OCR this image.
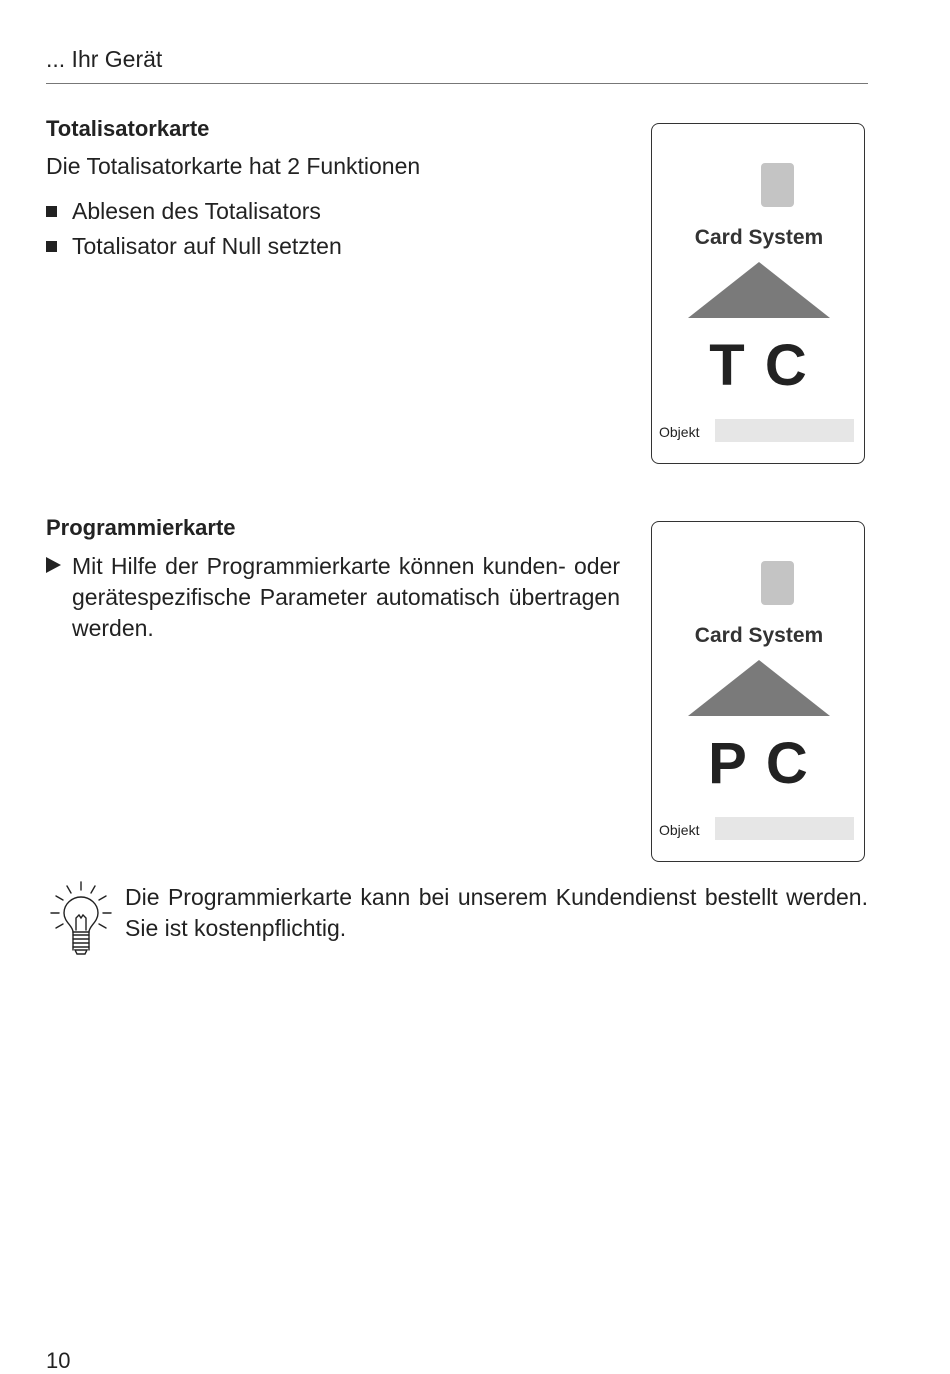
... Ihr Gerät
Totalisatorkarte
Die Totalisatorkarte hat 2 Funktionen
Ablesen des Totalisators
Totalisator auf Null setzten	Card System
T C
Objekt
Programmierkarte
Mit Hilfe der Programmierkarte können kunden- oder gerätespezifische Parameter automatisch übertragen werden.	Card System
P C
Objekt
Die Programmierkarte kann bei unserem Kundendienst bestellt werden. Sie ist kostenpflichtig.
10
